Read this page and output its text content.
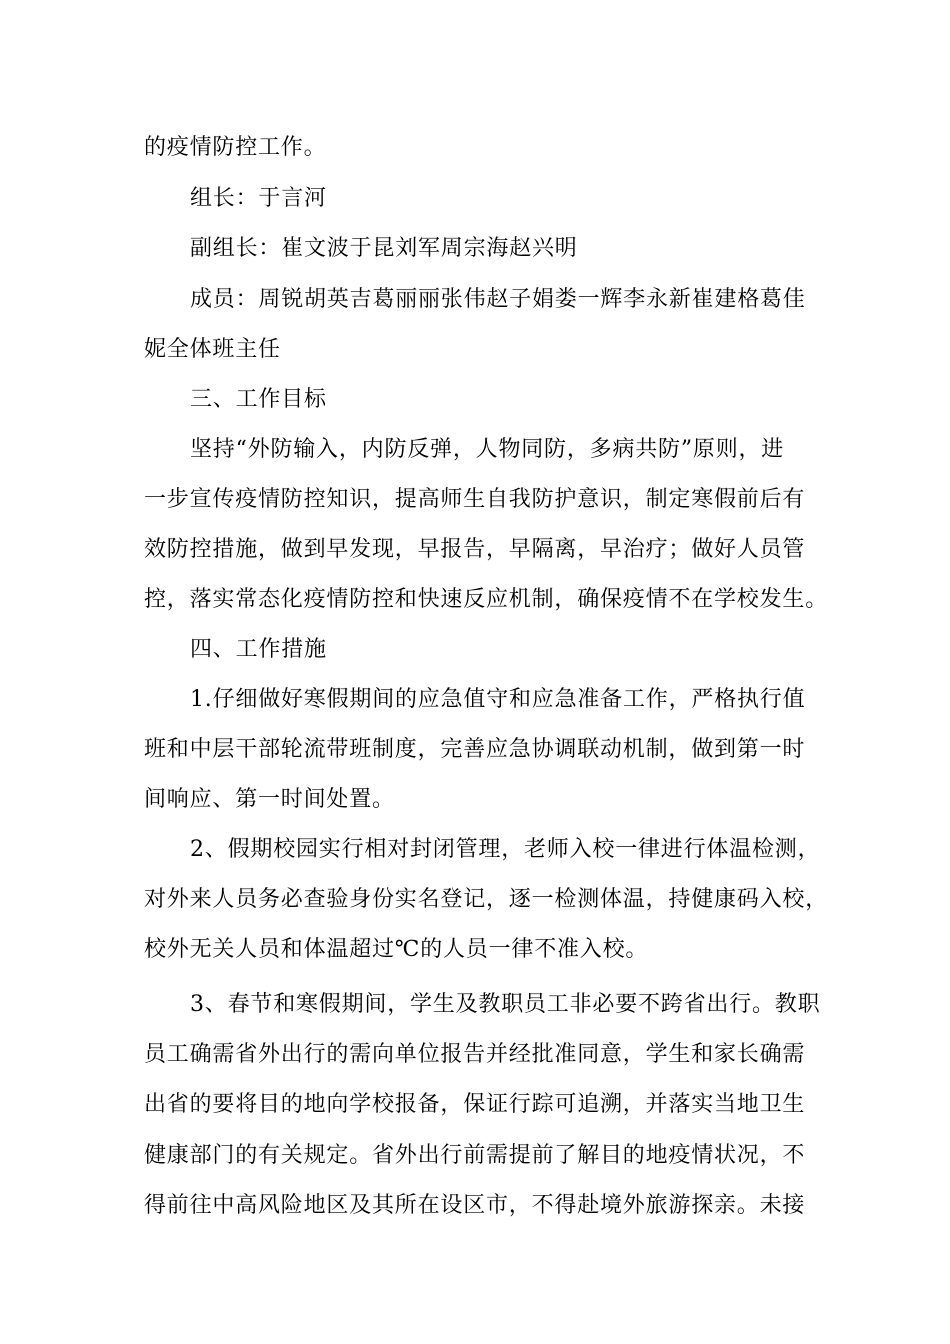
的疫情防控工作。
组长：于言河
副组长：崔文波于昆刘军周宗海赵兴明
成员：周锐胡英吉葛丽丽张伟赵子娟娄一辉李永新崔建格葛佳
妮全体班主任
三、工作目标
坚持“外防输入，内防反弹，人物同防，多病共防”原则，进
一步宣传疫情防控知识，提高师生自我防护意识，制定寒假前后有
效防控措施，做到早发现，早报告，早隔离，早治疗；做好人员管
控，落实常态化疫情防控和快速反应机制，确保疫情不在学校发生。
四、工作措施
1.仔细做好寒假期间的应急值守和应急准备工作，严格执行值
班和中层干部轮流带班制度，完善应急协调联动机制，做到第一时
间响应、第一时间处置。
2、假期校园实行相对封闭管理，老师入校一律进行体温检测，
对外来人员务必查验身份实名登记，逐一检测体温，持健康码入校，
校外无关人员和体温超过℃的人员一律不准入校。
3、春节和寒假期间，学生及教职员工非必要不跨省出行。教职
员工确需省外出行的需向单位报告并经批准同意，学生和家长确需
出省的要将目的地向学校报备，保证行踪可追溯，并落实当地卫生
健康部门的有关规定。省外出行前需提前了解目的地疫情状况，不
得前往中高风险地区及其所在设区市，不得赴境外旅游探亲。未接
